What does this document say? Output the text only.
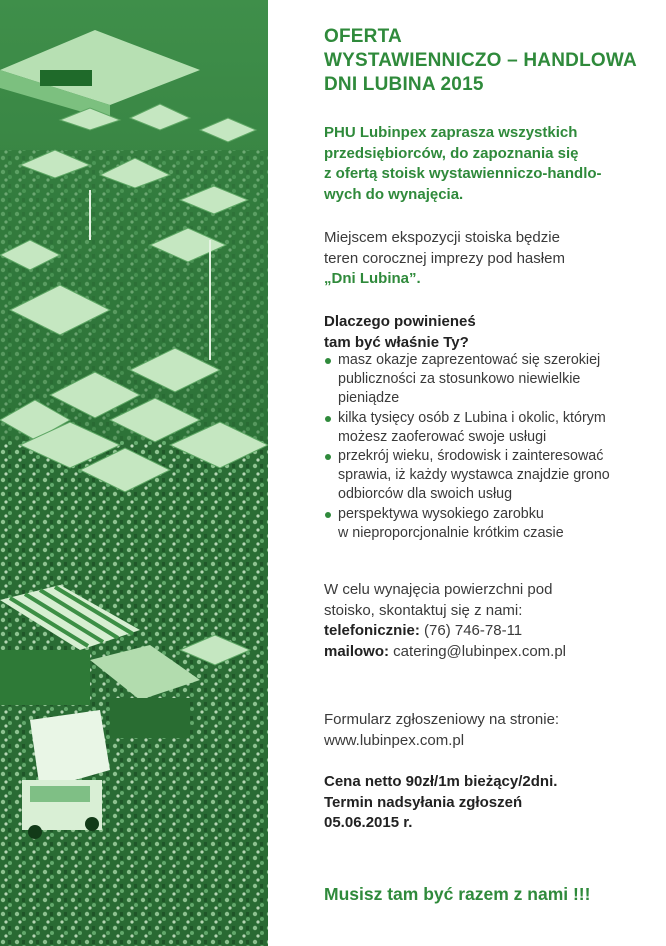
OFERTA
WYSTAWIENNICZO – HANDLOWA
DNI LUBINA 2015
PHU Lubinpex zaprasza wszystkich
przedsiębiorców, do zapoznania się
z ofertą stoisk wystawienniczo-handlo-
wych do wynajęcia.
Miejscem ekspozycji stoiska będzie
teren corocznej imprezy pod hasłem
„Dni Lubina”.
Dlaczego powinieneś
tam być właśnie Ty?
masz okazje zaprezentować się szerokiej
publiczności za stosunkowo niewielkie
pieniądze
kilka tysięcy osób z Lubina i okolic, którym
możesz zaoferować swoje usługi
przekrój wieku, środowisk i zainteresować
sprawia, iż każdy wystawca znajdzie grono
odbiorców dla swoich usług
perspektywa wysokiego zarobku
w nieproporcjonalnie krótkim czasie
W celu wynajęcia powierzchni pod
stoisko, skontaktuj się z nami:
telefonicznie: (76) 746-78-11
mailowo: catering@lubinpex.com.pl
Formularz zgłoszeniowy na stronie:
www.lubinpex.com.pl
Cena netto 90zł/1m bieżący/2dni.
Termin nadsyłania zgłoszeń
05.06.2015 r.
Musisz tam być razem z nami !!!
